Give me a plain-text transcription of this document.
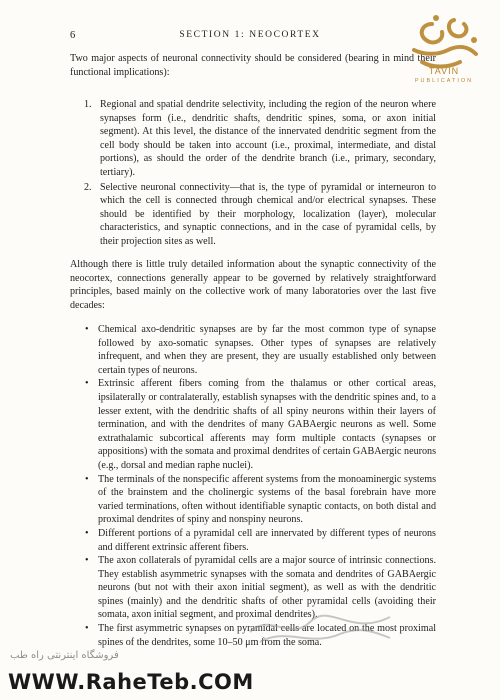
6	SECTION 1: NEOCORTEX

Two major aspects of neuronal connectivity should be considered (bearing in mind their functional implications):

1. Regional and spatial dendrite selectivity, including the region of the neuron where synapses form (i.e., dendritic shafts, dendritic spines, soma, or axon initial segment). At this level, the distance of the innervated dendritic segment from the cell body should be taken into account (i.e., proximal, intermediate, and distal portions), as should the order of the dendrite branch (i.e., primary, secondary, tertiary).
2. Selective neuronal connectivity—that is, the type of pyramidal or interneuron to which the cell is connected through chemical and/or electrical synapses. These should be identified by their morphology, localization (layer), molecular characteristics, and synaptic connections, and in the case of pyramidal cells, by their projection sites as well.

Although there is little truly detailed information about the synaptic connectivity of the neocortex, connections generally appear to be governed by relatively straightforward principles, based mainly on the collective work of many laboratories over the last five decades:

• Chemical axo-dendritic synapses are by far the most common type of synapse followed by axo-somatic synapses. Other types of synapses are relatively infrequent, and when they are present, they are usually established only between certain types of neurons.
• Extrinsic afferent fibers coming from the thalamus or other cortical areas, ipsilaterally or contralaterally, establish synapses with the dendritic spines and, to a lesser extent, with the dendritic shafts of all spiny neurons within their layers of termination, and with the dendrites of many GABAergic neurons as well. Some extrathalamic subcortical afferents may form multiple contacts (synapses or appositions) with the somata and proximal dendrites of certain GABAergic neurons (e.g., dorsal and median raphe nuclei).
• The terminals of the nonspecific afferent systems from the monoaminergic systems of the brainstem and the cholinergic systems of the basal forebrain have more varied terminations, often without identifiable synaptic contacts, on both distal and proximal dendrites of spiny and nonspiny neurons.
• Different portions of a pyramidal cell are innervated by different types of neurons and different extrinsic afferent fibers.
• The axon collaterals of pyramidal cells are a major source of intrinsic connections. They establish asymmetric synapses with the somata and dendrites of GABAergic neurons (but not with their axon initial segment), as well as with the dendritic spines (mainly) and the dendritic shafts of other pyramidal cells (avoiding their somata, axon initial segment, and proximal dendrites).
• The first asymmetric synapses on pyramidal cells are located on the most proximal spines of the dendrites, some 10–50 μm from the soma.
TAVIN
PUBLICATION
فروشگاه اینترنتی راه طب
WWW.RaheTeb.COM
